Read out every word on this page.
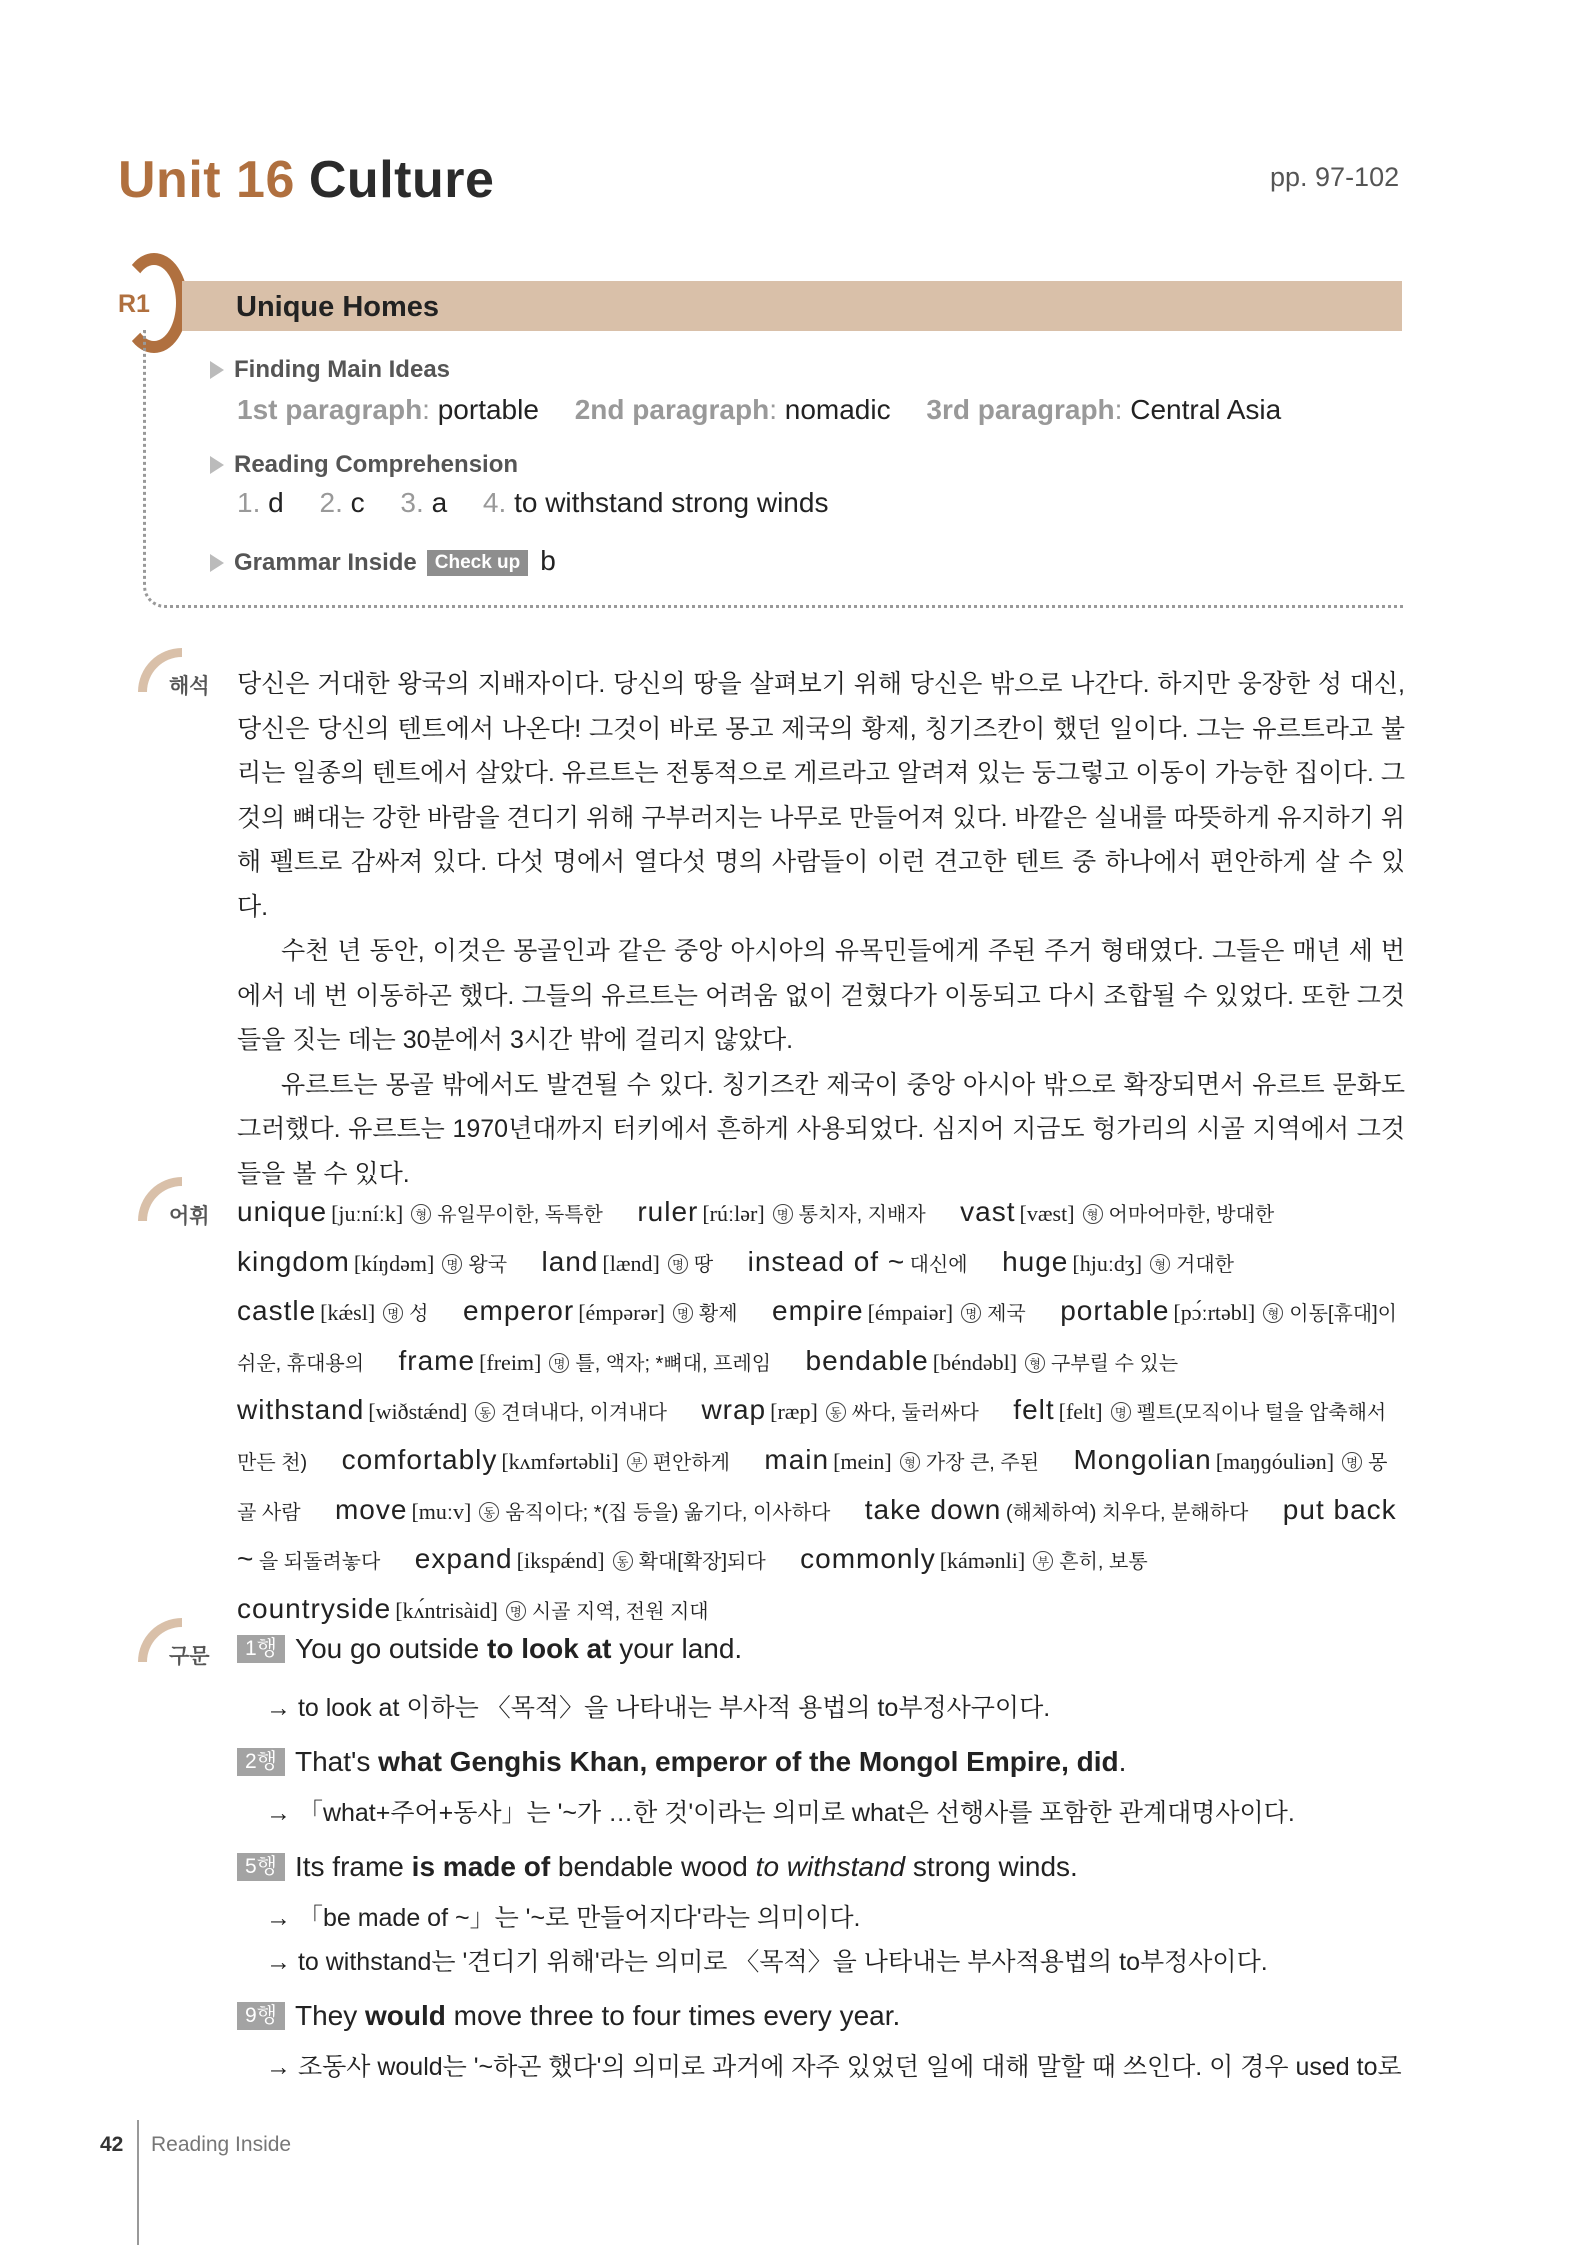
Unit 16 Culture	pp. 97-102
R1	Unique Homes
Finding Main Ideas
1st paragraph: portable 2nd paragraph: nomadic 3rd paragraph: Central Asia
Reading Comprehension
1. d 2. c 3. a 4. to withstand strong winds
Grammar Inside Check up b
해석 당신은 거대한 왕국의 지배자이다. 당신의 땅을 살펴보기 위해 당신은 밖으로 나간다. 하지만 웅장한 성 대신, 당신은 당신의 텐트에서 나온다! 그것이 바로 몽고 제국의 황제, 칭기즈칸이 했던 일이다. 그는 유르트라고 불리는 일종의 텐트에서 살았다. 유르트는 전통적으로 게르라고 알려져 있는 둥그렇고 이동이 가능한 집이다. 그것의 뼈대는 강한 바람을 견디기 위해 구부러지는 나무로 만들어져 있다. 바깥은 실내를 따뜻하게 유지하기 위해 펠트로 감싸져 있다. 다섯 명에서 열다섯 명의 사람들이 이런 견고한 텐트 중 하나에서 편안하게 살 수 있다.

수천 년 동안, 이것은 몽골인과 같은 중앙 아시아의 유목민들에게 주된 주거 형태였다. 그들은 매년 세 번에서 네 번 이동하곤 했다. 그들의 유르트는 어려움 없이 걷혔다가 이동되고 다시 조합될 수 있었다. 또한 그것들을 짓는 데는 30분에서 3시간 밖에 걸리지 않았다.

유르트는 몽골 밖에서도 발견될 수 있다. 칭기즈칸 제국이 중앙 아시아 밖으로 확장되면서 유르트 문화도 그러했다. 유르트는 1970년대까지 터키에서 흔하게 사용되었다. 심지어 지금도 헝가리의 시골 지역에서 그것들을 볼 수 있다.

어휘 unique [juːníːk] 형 유일무이한, 독특한 ruler [rúːlər] 명 통치자, 지배자 vast [væst] 형 어마어마한, 방대한 kingdom [kíŋdəm] 명 왕국 land [lænd] 명 땅 instead of ~ 대신에 huge [hjuːdʒ] 형 거대한 castle [kǽsl] 명 성 emperor [émpərər] 명 황제 empire [émpaiər] 명 제국 portable [pɔ́ːrtəbl] 형 이동[휴대]이 쉬운, 휴대용의 frame [freim] 명 틀, 액자; *뼈대, 프레임 bendable [béndəbl] 형 구부릴 수 있는 withstand [wiðstǽnd] 동 견뎌내다, 이겨내다 wrap [ræp] 동 싸다, 둘러싸다 felt [felt] 명 펠트(모직이나 털을 압축해서 만든 천) comfortably [kʌmfərtəbli] 부 편안하게 main [mein] 형 가장 큰, 주된 Mongolian [maŋɡóuliən] 명 몽골 사람 move [muːv] 동 움직이다; *(집 등을) 옮기다, 이사하다 take down (해체하여) 치우다, 분해하다 put back ~ 을 되돌려놓다 expand [ikspǽnd] 동 확대[확장]되다 commonly [kámənli] 부 흔히, 보통 countryside [kʌ́ntrisàid] 명 시골 지역, 전원 지대
구문	1행 You go outside to look at your land.
→ to look at 이하는 〈목적〉을 나타내는 부사적 용법의 to부정사구이다.
2행 That's what Genghis Khan, emperor of the Mongol Empire, did.
→ 「what+주어+동사」는 '~가 …한 것'이라는 의미로 what은 선행사를 포함한 관계대명사이다.
5행 Its frame is made of bendable wood to withstand strong winds.
→ 「be made of ~」는 '~로 만들어지다'라는 의미이다.
→ to withstand는 '견디기 위해'라는 의미로 〈목적〉을 나타내는 부사적용법의 to부정사이다.
9행 They would move three to four times every year.
→ 조동사 would는 '~하곤 했다'의 의미로 과거에 자주 있었던 일에 대해 말할 때 쓰인다. 이 경우 used to로
42 Reading Inside
